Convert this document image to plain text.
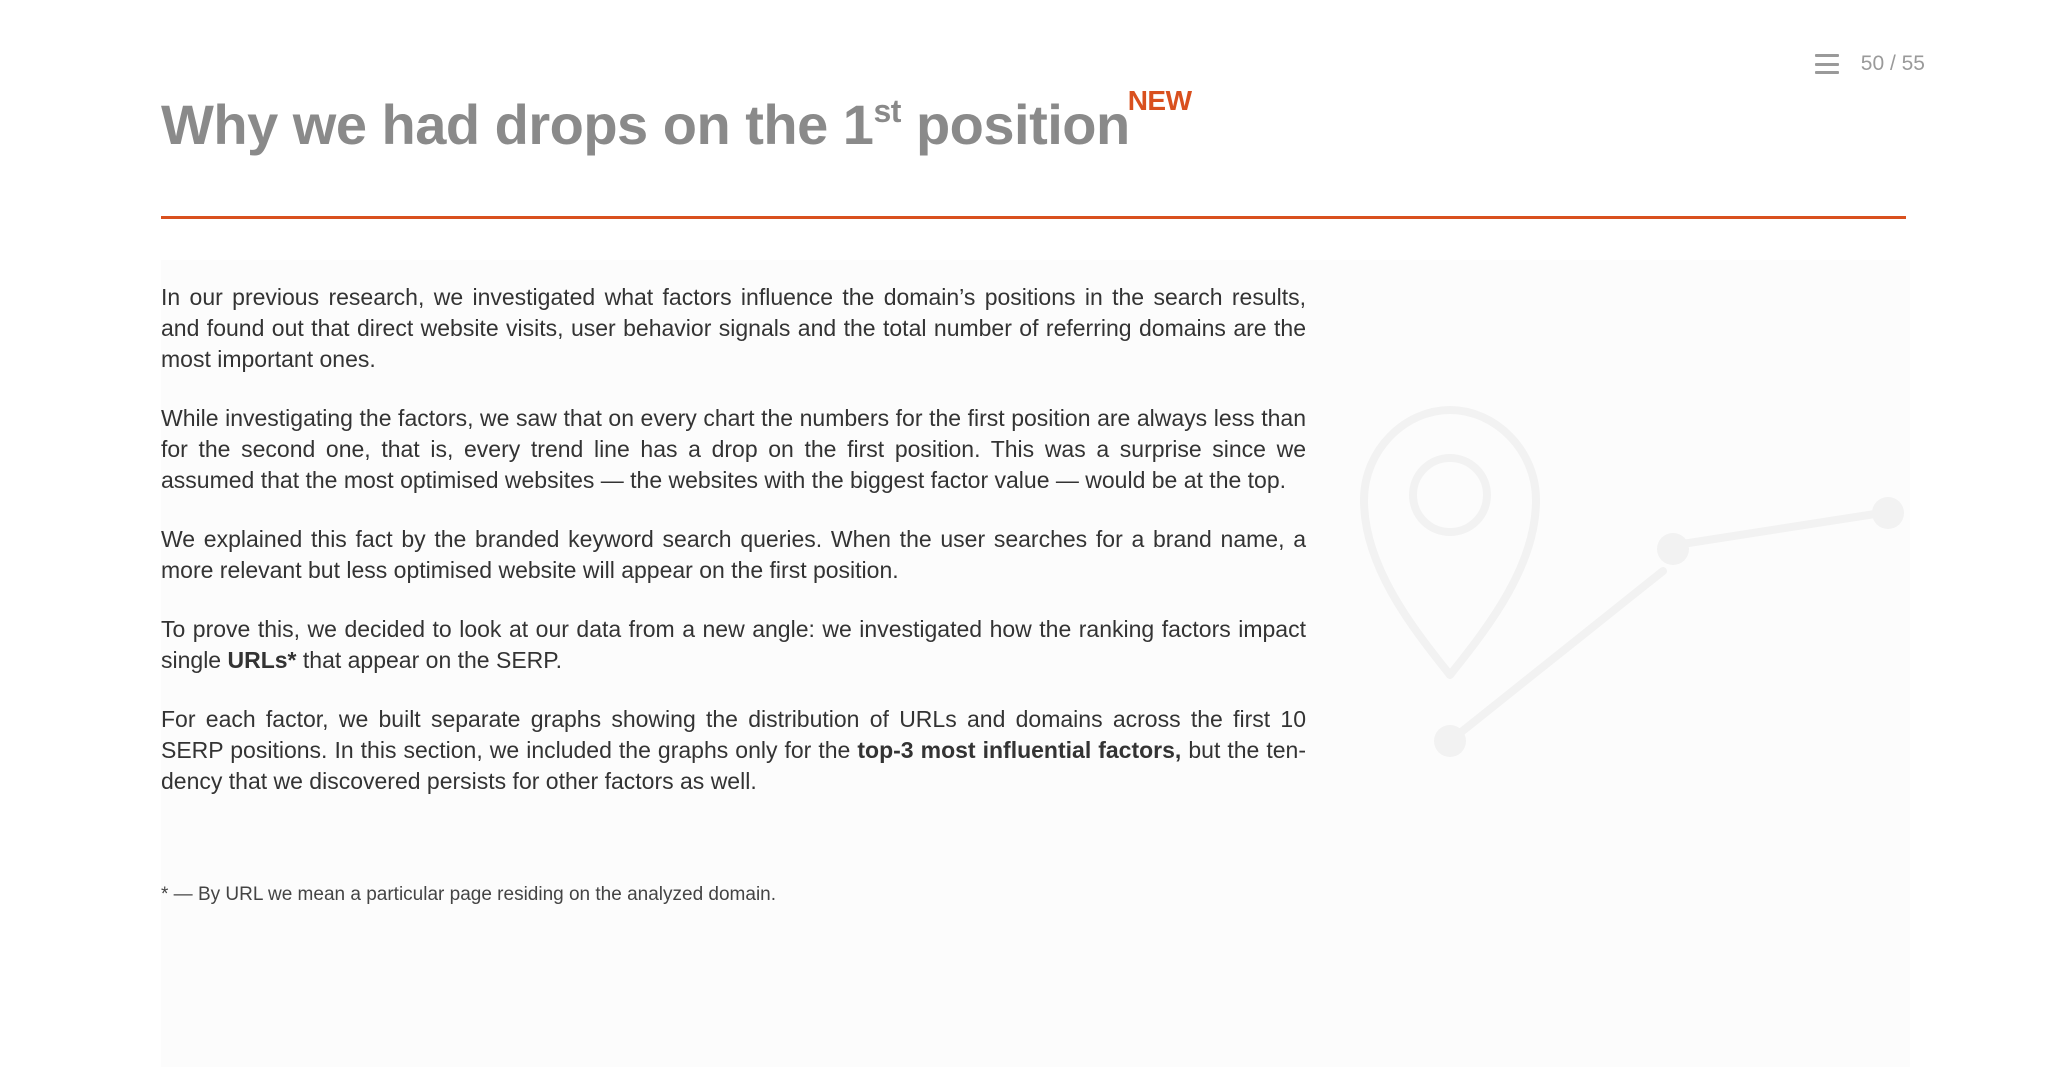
50 / 55
Why we had drops on the 1st position$^{NEW}$

In our previous research, we investigated what factors influence the domain’s positions in the search results, and found out that direct website visits, user behavior signals and the total number of referring domains are the most important ones.

While investigating the factors, we saw that on every chart the numbers for the first position are always less than for the second one, that is, every trend line has a drop on the first position. This was a surprise since we assumed that the most optimised websites — the websites with the biggest factor value — would be at the top.

We explained this fact by the branded keyword search queries. When the user searches for a brand name, a more relevant but less optimised website will appear on the first position.

To prove this, we decided to look at our data from a new angle: we investigated how the ranking factors impact single URLs* that appear on the SERP.

For each factor, we built separate graphs showing the distribution of URLs and domains across the first 10 SERP positions. In this section, we included the graphs only for the top-3 most influential factors, but the ten-dency that we discovered persists for other factors as well.

* — By URL we mean a particular page residing on the analyzed domain.
